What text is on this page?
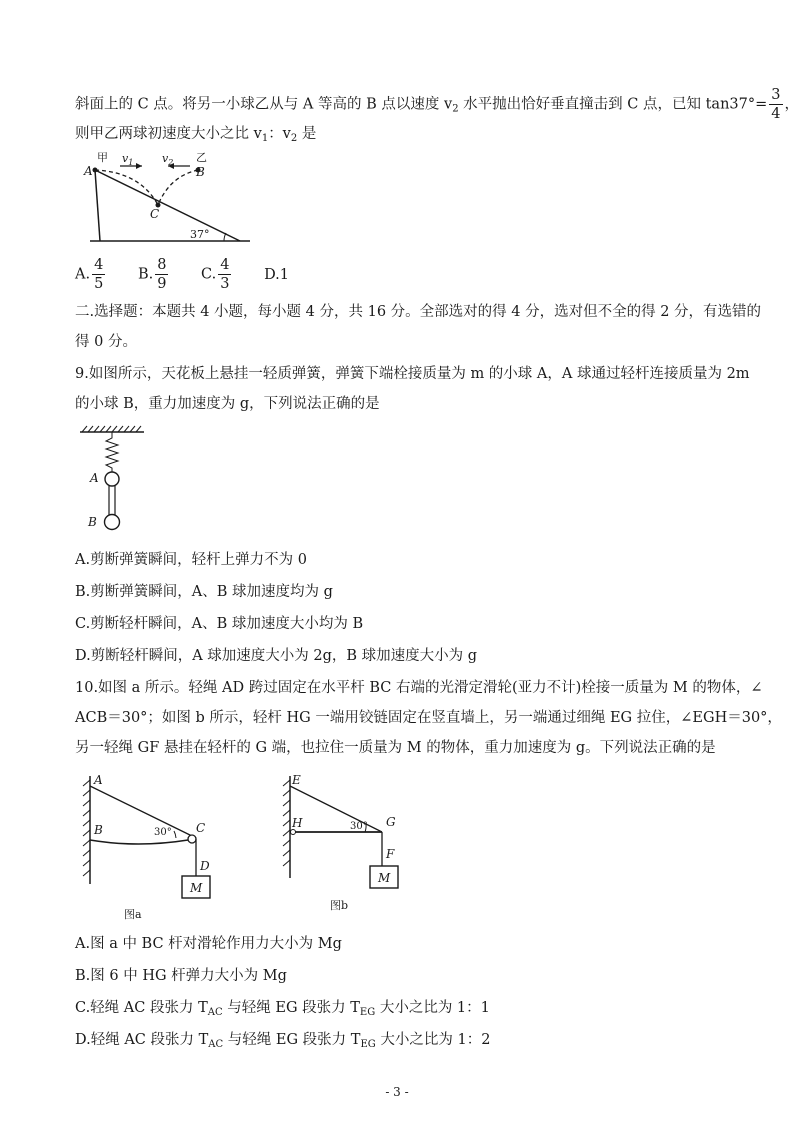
斜面上的 C 点。将另一小球乙从与 A 等高的 B 点以速度 $v_2$ 水平抛出恰好垂直撞击到 C 点，已知 $\tan 37^\circ= \frac{3}{4}$ ，
则甲乙两球初速度大小之比 $v_1$：$v_2$ 是
甲
A
$v_1$	$v_2$ 乙
B
C
37°
A. $\frac{4}{5} B$. $\frac{8}{9} C$. $\frac{4}{3} D.1$
二.选择题：本题共 4 小题，每小题 4 分，共 16 分。全部选对的得 4 分，选对但不全的得 2 分，有选错的
得 0 分。
9.如图所示，天花板上悬挂一轻质弹簧，弹簧下端栓接质量为 m 的小球 A，A 球通过轻杆连接质量为 2m
的小球 B，重力加速度为 g，下列说法正确的是
A
B
A.剪断弹簧瞬间，轻杆上弹力不为 0
B.剪断弹簧瞬间，A、B 球加速度均为 g
C.剪断轻杆瞬间，A、B 球加速度大小均为 B
D.剪断轻杆瞬间，A 球加速度大小为 2g，B 球加速度大小为 g
10.如图 a 所示。轻绳 AD 跨过固定在水平杆 BC 右端的光滑定滑轮(亚力不计)栓接一质量为 M 的物体，∠
ACB＝30°；如图 b 所示，轻杆 HG 一端用铰链固定在竖直墙上，另一端通过细绳 EG 拉住，∠EGH＝30°，
另一轻绳 GF 悬挂在轻杆的 G 端，也拉住一质量为 M 的物体，重力加速度为 g。下列说法正确的是
A
B	C
D
M
30°
图a
E
H	G
F
M
30°
图b
A.图 a 中 BC 杆对滑轮作用力大小为 Mg
B.图 6 中 HG 杆弹力大小为 Mg
C.轻绳 AC 段张力 $T_{AC}$ 与轻绳 EG 段张力 $T_{EG}$ 大小之比为 1：1
D.轻绳 AC 段张力 $T_{AC}$ 与轻绳 EG 段张力 $T_{EG}$ 大小之比为 1：2
- 3 -
